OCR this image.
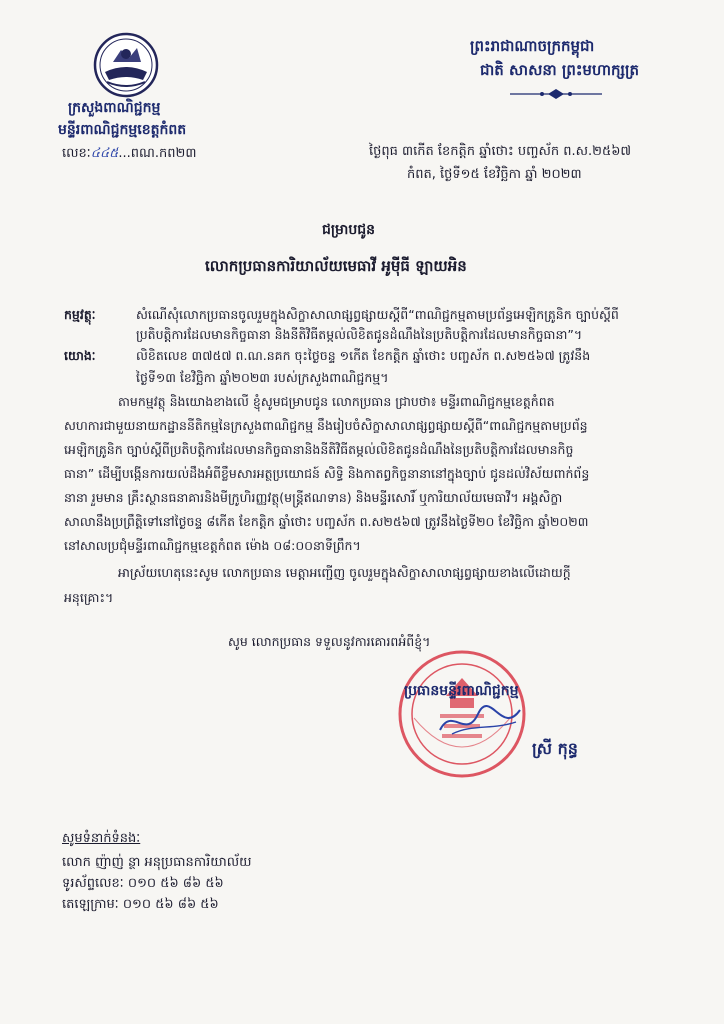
ក្រសួងពាណិជ្ជកម្ម
មន្ទីរពាណិជ្ជកម្មខេត្តកំពត
លេខៈ៤៤៥...ពណ.កព២៣
ព្រះរាជាណាចក្រកម្ពុជា
ជាតិ សាសនា ព្រះមហាក្សត្រ
ថ្ងៃពុធ ៣កើត ខែកត្តិក ឆ្នាំថោះ បញ្ចស័ក ព.ស.២៥៦៧
កំពត, ថ្ងៃទី១៥ ខែវិច្ឆិកា ឆ្នាំ ២០២៣
ជម្រាបជូន
លោកប្រធានការិយាល័យមេធាវី អូម៉ីធី ឡាយអិន
កម្មវត្ថុៈ	សំណើសុំលោកប្រធានចូលរួមក្នុងសិក្ខាសាលាផ្សព្វផ្សាយស្តីពី“ពាណិជ្ជកម្មតាមប្រព័ន្ធអេឡិកត្រូនិក ច្បាប់ស្តីពី
ប្រតិបត្តិការដែលមានកិច្ចធានា និងនីតិវិធីតម្កល់លិខិតជូនដំណឹងនៃប្រតិបត្តិការដែលមានកិច្ចធានា”។
យោងៈ	លិខិតលេខ ៣៧៥៧ ព.ណ.នគក ចុះថ្ងៃចន្ទ ១កើត ខែកត្តិក ឆ្នាំថោះ បញ្ចស័ក ព.ស២៥៦៧ ត្រូវនឹង
ថ្ងៃទី១៣ ខែវិច្ឆិកា ឆ្នាំ២០២៣ របស់ក្រសួងពាណិជ្ជកម្ម។
តាមកម្មវត្ថុ និងយោងខាងលើ ខ្ញុំសូមជម្រាបជូន លោកប្រធាន ជ្រាបថា៖ មន្ទីរពាណិជ្ជកម្មខេត្តកំពត
សហការជាមួយនាយកដ្ឋាននីតិកម្មនៃក្រសួងពាណិជ្ជកម្ម នឹងរៀបចំសិក្ខាសាលាផ្សព្វផ្សាយស្តីពី“ពាណិជ្ជកម្មតាមប្រព័ន្ធ
អេឡិកត្រូនិក ច្បាប់ស្តីពីប្រតិបត្តិការដែលមានកិច្ចធានានិងនីតិវិធីតម្កល់លិខិតជូនដំណឹងនៃប្រតិបត្តិការដែលមានកិច្ច
ធានា” ដើម្បីបង្កើនការយល់ដឹងអំពីខ្លឹមសារអត្ថប្រយោជន៍ សិទ្ធិ និងកាតព្វកិច្ចនានានៅក្នុងច្បាប់ ជូនដល់វិស័យពាក់ព័ន្ធ
នានា រួមមាន គ្រឹះស្ថានធនាគារនិងមីក្រូហិរញ្ញវត្ថុ(មន្ត្រីឥណទាន) និងមន្ទីរសោរិ៍ ឬការិយាល័យមេធាវី។ អង្គសិក្ខា
សាលានឹងប្រព្រឹត្តិទៅនៅថ្ងៃចន្ទ ៨កើត ខែកត្តិក ឆ្នាំថោះ បញ្ចស័ក ព.ស២៥៦៧ ត្រូវនឹងថ្ងៃទី២០ ខែវិច្ឆិកា ឆ្នាំ២០២៣
នៅសាលប្រជុំមន្ទីរពាណិជ្ជកម្មខេត្តកំពត ម៉ោង ០៨:០០នាទីព្រឹក។
អាស្រ័យហេតុនេះសូម លោកប្រធាន មេត្តាអញ្ជើញ ចូលរួមក្នុងសិក្ខាសាលាផ្សព្វផ្សាយខាងលើដោយក្តី
អនុគ្រោះ។
សូម លោកប្រធាន ទទួលនូវការគោរពអំពីខ្ញុំ។
ប្រធានមន្ទីរពាណិជ្ជកម្ម
ស្រី កុន្ធ
សូមទំនាក់ទំនងៈ
លោក ញ៉ាញ់ ន្ថា អនុប្រធានការិយាល័យ
ទូរស័ព្ទលេខៈ ០១០ ៥៦ ៨៦ ៥៦
តេឡេក្រាមៈ ០១០ ៥៦ ៨៦ ៥៦
